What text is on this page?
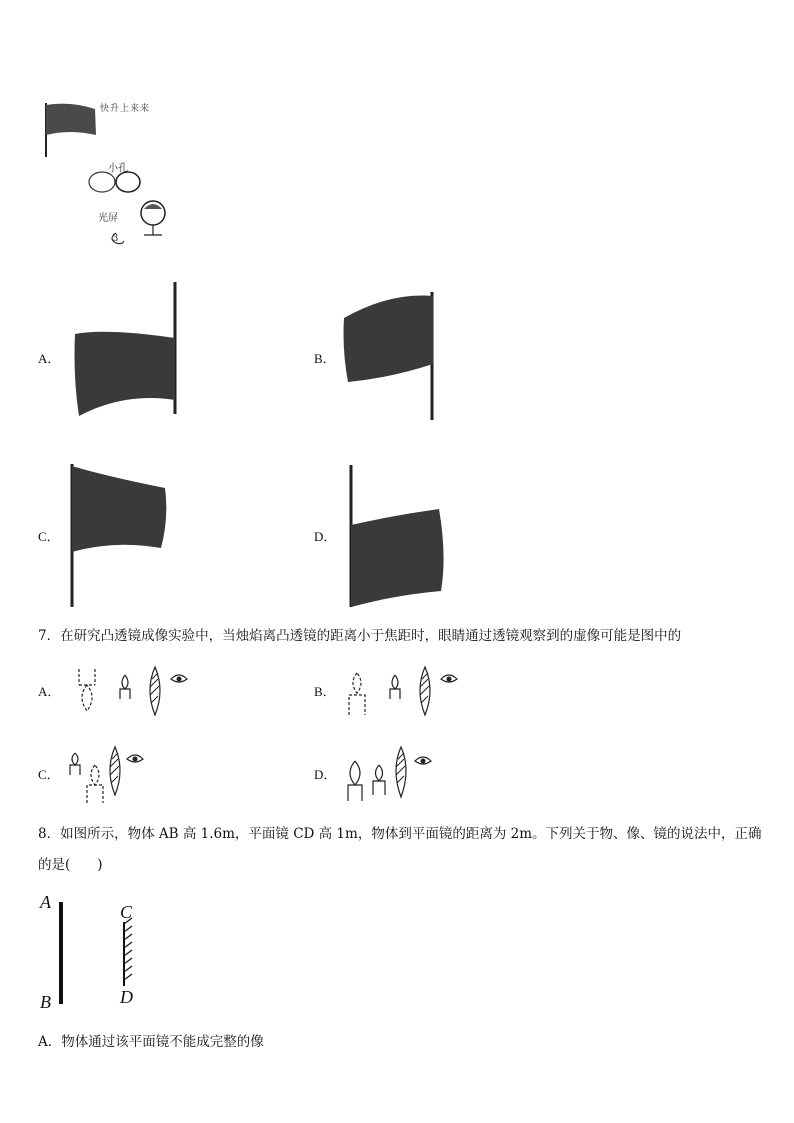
快升上来来
小孔
光屏
3
A．	B．
C．	D．
7．在研究凸透镜成像实验中，当烛焰离凸透镜的距离小于焦距时，眼睛通过透镜观察到的虚像可能是图中的
A．	B．
C．	D．
8．如图所示，物体 AB 高 1.6m，平面镜 CD 高 1m，物体到平面镜的距离为 2m。下列关于物、像、镜的说法中，正确
的是(　　)
A
B
C
D
A．物体通过该平面镜不能成完整的像
